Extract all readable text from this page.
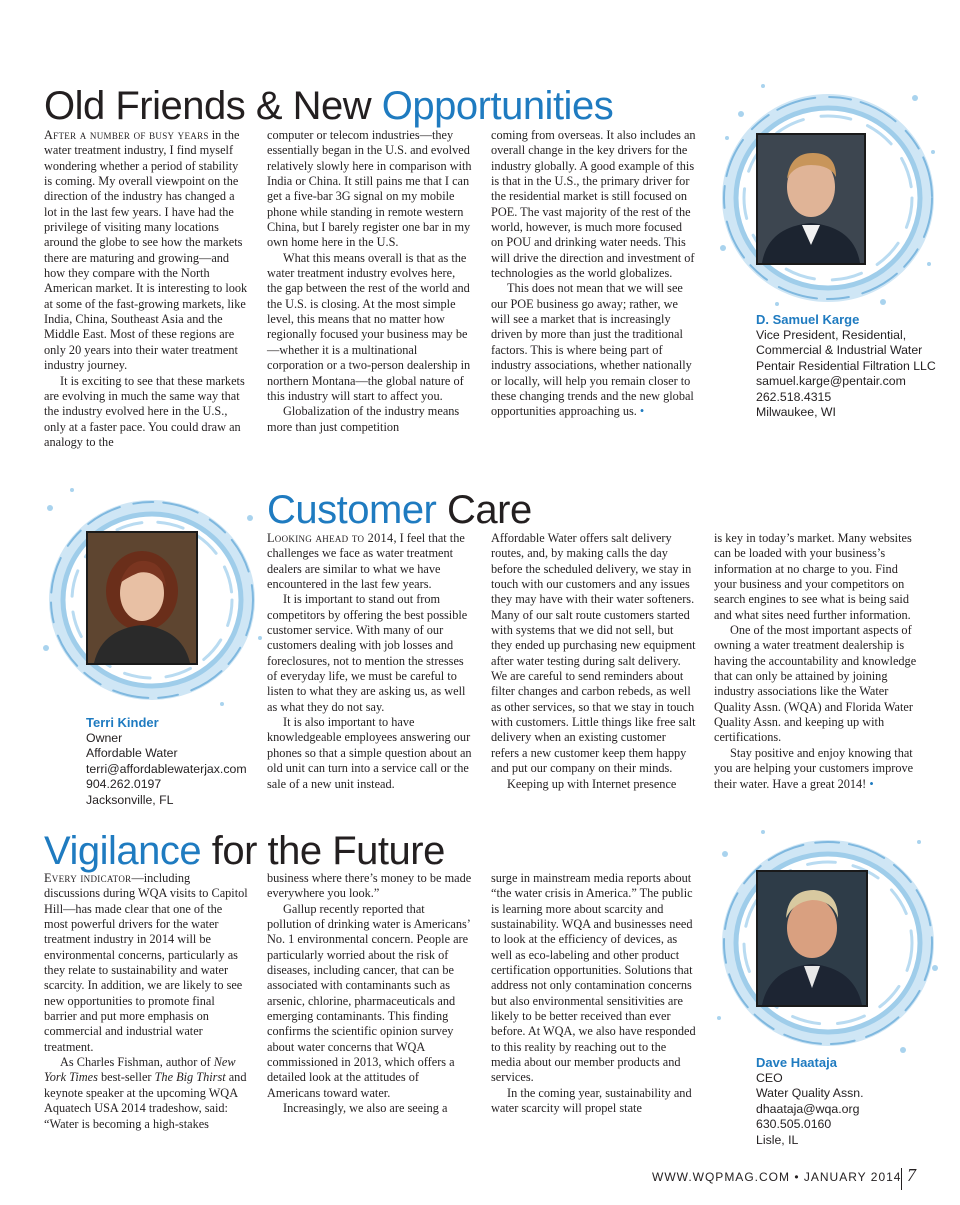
Old Friends & New Opportunities

After a number of busy years in the water treatment industry, I find myself wondering whether a period of stability is coming. My overall viewpoint on the direction of the industry has changed a lot in the last few years. I have had the privilege of visiting many locations around the globe to see how the markets there are maturing and growing—and how they compare with the North American market. It is interesting to look at some of the fast-growing markets, like India, China, Southeast Asia and the Middle East. Most of these regions are only 20 years into their water treatment industry journey.

It is exciting to see that these markets are evolving in much the same way that the industry evolved here in the U.S., only at a faster pace. You could draw an analogy to the

computer or telecom industries—they essentially began in the U.S. and evolved relatively slowly here in comparison with India or China. It still pains me that I can get a five-bar 3G signal on my mobile phone while standing in remote western China, but I barely register one bar in my own home here in the U.S.

What this means overall is that as the water treatment industry evolves here, the gap between the rest of the world and the U.S. is closing. At the most simple level, this means that no matter how regionally focused your business may be—whether it is a multinational corporation or a two-person dealership in northern Montana—the global nature of this industry will start to affect you.

Globalization of the industry means more than just competition

coming from overseas. It also includes an overall change in the key drivers for the industry globally. A good example of this is that in the U.S., the primary driver for the residential market is still focused on POE. The vast majority of the rest of the world, however, is much more focused on POU and drinking water needs. This will drive the direction and investment of technologies as the world globalizes.

This does not mean that we will see our POE business go away; rather, we will see a market that is increasingly driven by more than just the traditional factors. This is where being part of industry associations, whether nationally or locally, will help you remain closer to these changing trends and the new global opportunities approaching us. •

D. Samuel Karge
Vice President, Residential,
Commercial & Industrial Water
Pentair Residential Filtration LLC
samuel.karge@pentair.com
262.518.4315
Milwaukee, WI
Customer Care
Terri Kinder
Owner
Affordable Water
terri@affordablewaterjax.com
904.262.0197
Jacksonville, FL

Looking ahead to 2014, I feel that the challenges we face as water treatment dealers are similar to what we have encountered in the last few years.

It is important to stand out from competitors by offering the best possible customer service. With many of our customers dealing with job losses and foreclosures, not to mention the stresses of everyday life, we must be careful to listen to what they are asking us, as well as what they do not say.

It is also important to have knowledgeable employees answering our phones so that a simple question about an old unit can turn into a service call or the sale of a new unit instead.

Affordable Water offers salt delivery routes, and, by making calls the day before the scheduled delivery, we stay in touch with our customers and any issues they may have with their water softeners. Many of our salt route customers started with systems that we did not sell, but they ended up purchasing new equipment after water testing during salt delivery. We are careful to send reminders about filter changes and carbon rebeds, as well as other services, so that we stay in touch with customers. Little things like free salt delivery when an existing customer refers a new customer keep them happy and put our company on their minds.

Keeping up with Internet presence

is key in today’s market. Many websites can be loaded with your business’s information at no charge to you. Find your business and your competitors on search engines to see what is being said and what sites need further information.

One of the most important aspects of owning a water treatment dealership is having the accountability and knowledge that can only be attained by joining industry associations like the Water Quality Assn. (WQA) and Florida Water Quality Assn. and keeping up with certifications.

Stay positive and enjoy knowing that you are helping your customers improve their water. Have a great 2014! •

Vigilance for the Future

Every indicator—including discussions during WQA visits to Capitol Hill—has made clear that one of the most powerful drivers for the water treatment industry in 2014 will be environmental concerns, particularly as they relate to sustainability and water scarcity. In addition, we are likely to see new opportunities to promote final barrier and put more emphasis on commercial and industrial water treatment.

As Charles Fishman, author of New York Times best-seller The Big Thirst and keynote speaker at the upcoming WQA Aquatech USA 2014 tradeshow, said: “Water is becoming a high-stakes

business where there’s money to be made everywhere you look.”

Gallup recently reported that pollution of drinking water is Americans’ No. 1 environmental concern. People are particularly worried about the risk of diseases, including cancer, that can be associated with contaminants such as arsenic, chlorine, pharmaceuticals and emerging contaminants. This finding confirms the scientific opinion survey about water concerns that WQA commissioned in 2013, which offers a detailed look at the attitudes of Americans toward water.

Increasingly, we also are seeing a

surge in mainstream media reports about “the water crisis in America.” The public is learning more about scarcity and sustainability. WQA and businesses need to look at the efficiency of devices, as well as eco-labeling and other product certification opportunities. Solutions that address not only contamination concerns but also environmental sensitivities are likely to be better received than ever before. At WQA, we also have responded to this reality by reaching out to the media about our member products and services.

In the coming year, sustainability and water scarcity will propel state

Dave Haataja
CEO
Water Quality Assn.
dhaataja@wqa.org
630.505.0160
Lisle, IL
WWW.WQPMAG.COM • JANUARY 2014 7
